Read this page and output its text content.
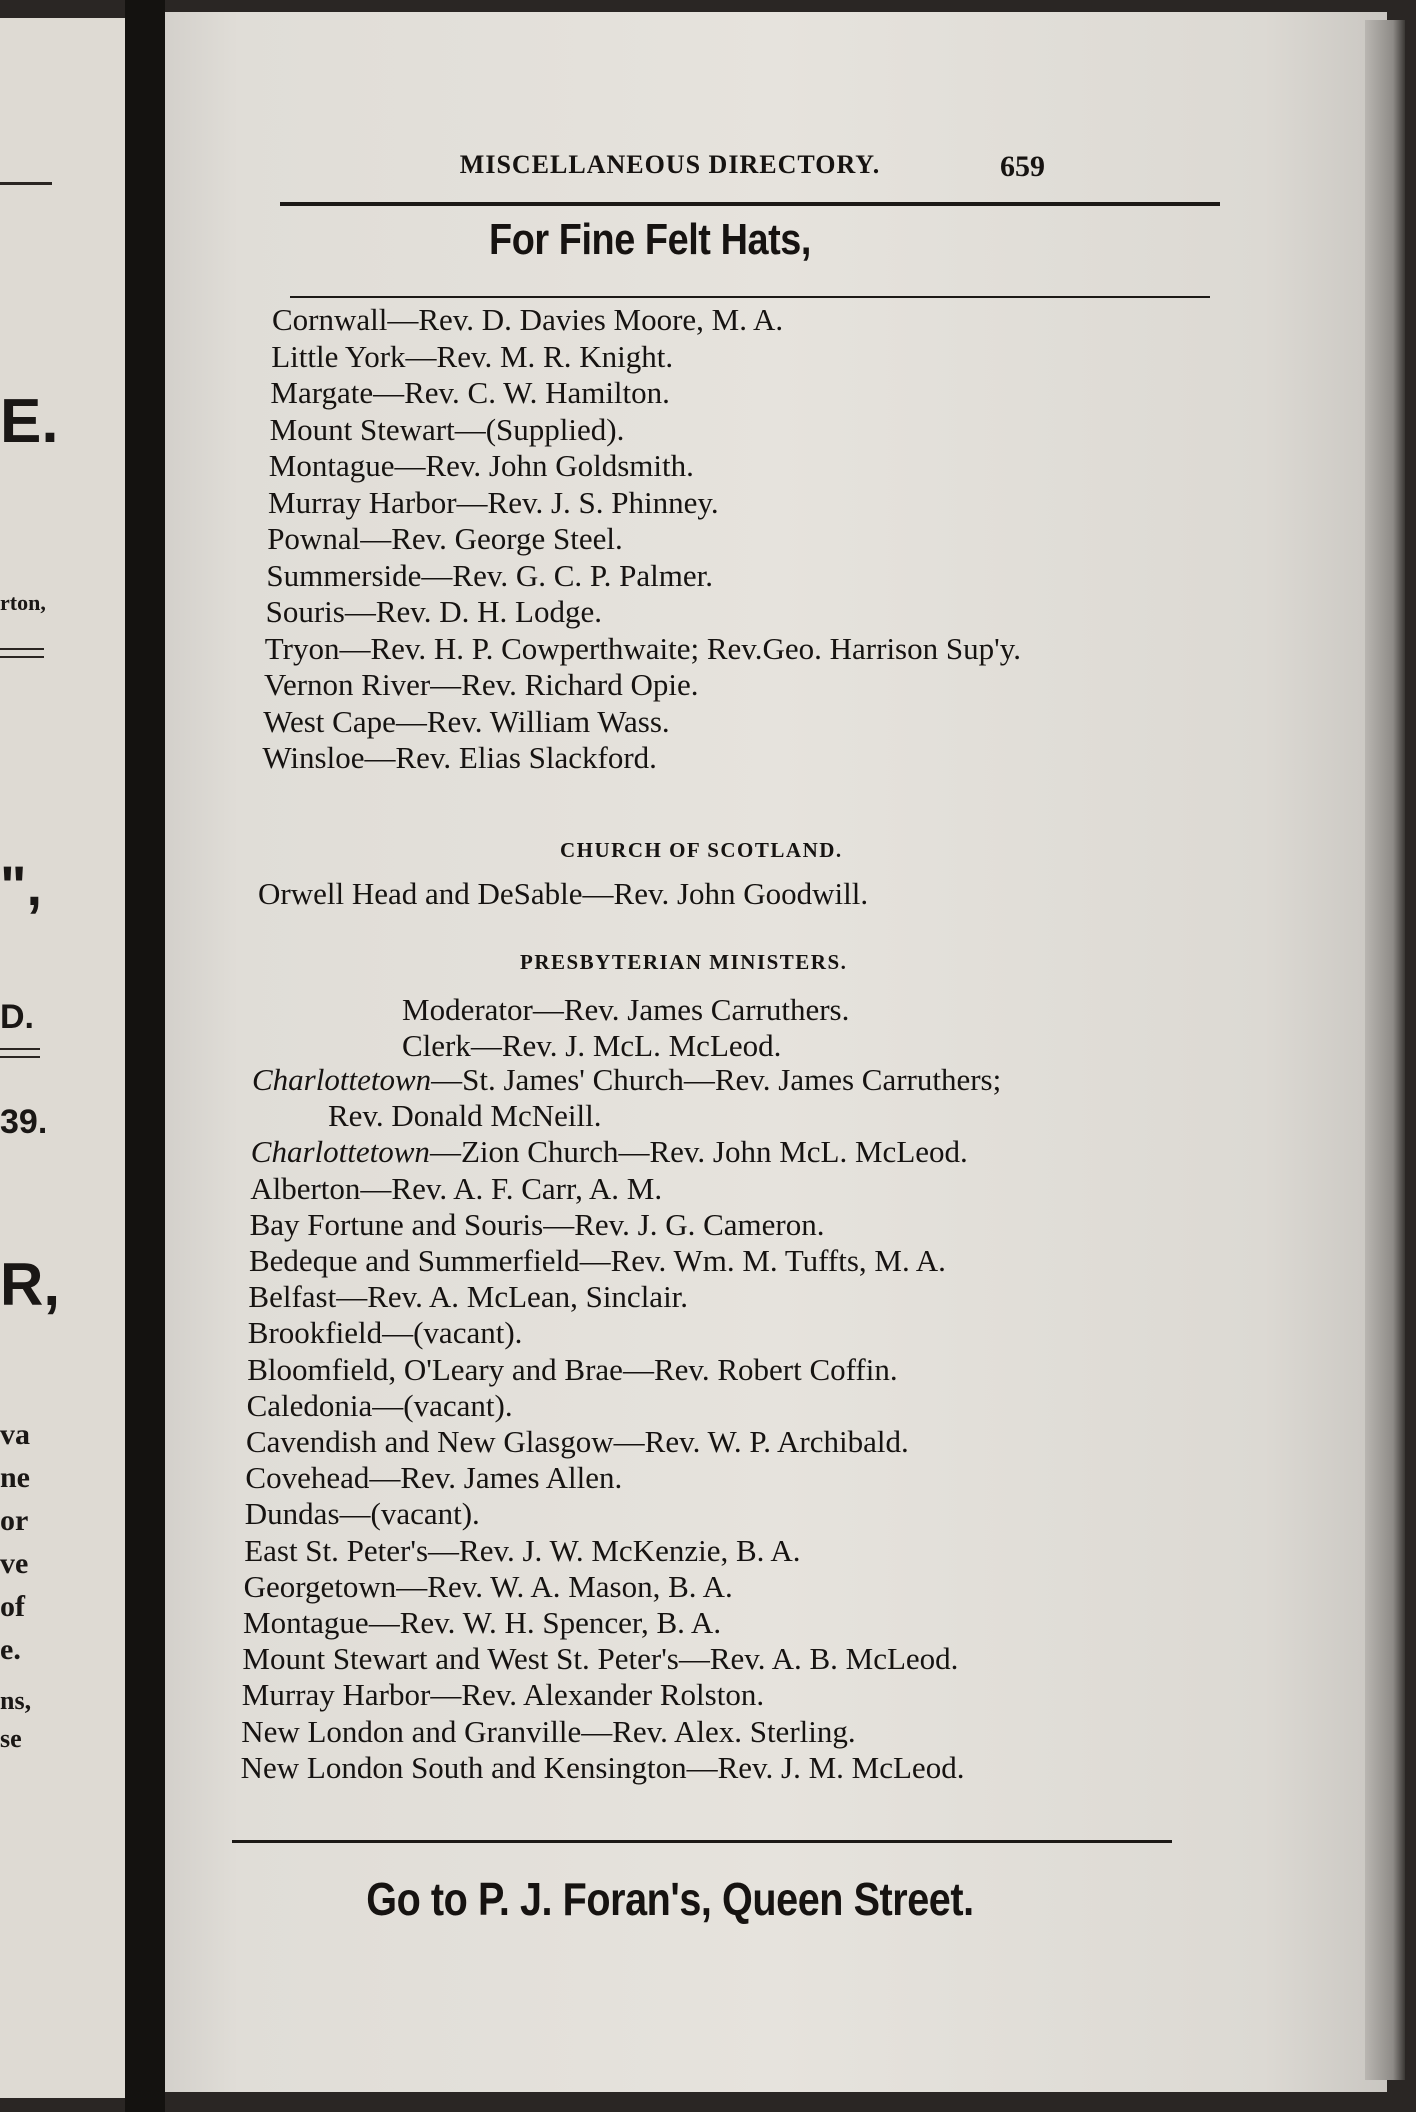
E.
rton,
",
D.
39.
R,
va
ne
or
ve
of
e.
ns,
se
MISCELLANEOUS DIRECTORY.	659
For Fine Felt Hats,
Cornwall—Rev. D. Davies Moore, M. A.
Little York—Rev. M. R. Knight.
Margate—Rev. C. W. Hamilton.
Mount Stewart—(Supplied).
Montague—Rev. John Goldsmith.
Murray Harbor—Rev. J. S. Phinney.
Pownal—Rev. George Steel.
Summerside—Rev. G. C. P. Palmer.
Souris—Rev. D. H. Lodge.
Tryon—Rev. H. P. Cowperthwaite; Rev.Geo. Harrison Sup'y.
Vernon River—Rev. Richard Opie.
West Cape—Rev. William Wass.
Winsloe—Rev. Elias Slackford.
CHURCH OF SCOTLAND.
Orwell Head and DeSable—Rev. John Goodwill.
PRESBYTERIAN MINISTERS.
Moderator—Rev. James Carruthers.
Clerk—Rev. J. McL. McLeod.
Charlottetown—St. James' Church—Rev. James Carruthers;
Rev. Donald McNeill.
Charlottetown—Zion Church—Rev. John McL. McLeod.
Alberton—Rev. A. F. Carr, A. M.
Bay Fortune and Souris—Rev. J. G. Cameron.
Bedeque and Summerfield—Rev. Wm. M. Tuffts, M. A.
Belfast—Rev. A. McLean, Sinclair.
Brookfield—(vacant).
Bloomfield, O'Leary and Brae—Rev. Robert Coffin.
Caledonia—(vacant).
Cavendish and New Glasgow—Rev. W. P. Archibald.
Covehead—Rev. James Allen.
Dundas—(vacant).
East St. Peter's—Rev. J. W. McKenzie, B. A.
Georgetown—Rev. W. A. Mason, B. A.
Montague—Rev. W. H. Spencer, B. A.
Mount Stewart and West St. Peter's—Rev. A. B. McLeod.
Murray Harbor—Rev. Alexander Rolston.
New London and Granville—Rev. Alex. Sterling.
New London South and Kensington—Rev. J. M. McLeod.
Go to P. J. Foran's, Queen Street.
